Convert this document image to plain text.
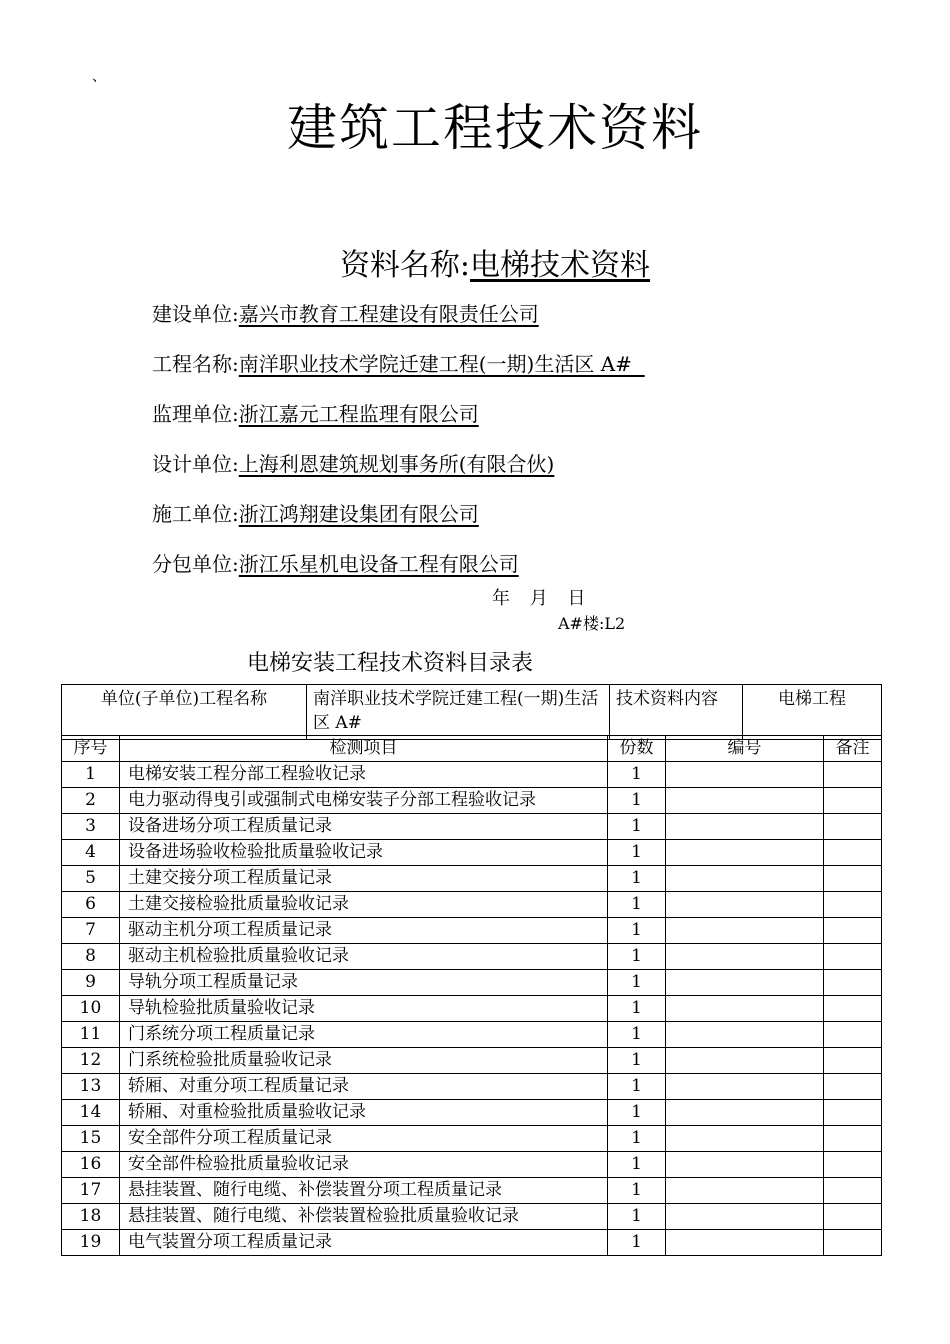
、
建筑工程技术资料
资料名称:电梯技术资料
建设单位:嘉兴市教育工程建设有限责任公司
工程名称:南洋职业技术学院迁建工程(一期)生活区 A#
监理单位:浙江嘉元工程监理有限公司
设计单位:上海利恩建筑规划事务所(有限合伙)
施工单位:浙江鸿翔建设集团有限公司
分包单位:浙江乐星机电设备工程有限公司
年 月 日
A#楼:L2
电梯安装工程技术资料目录表
单位(子单位)工程名称	南洋职业技术学院迁建工程(一期)生活区 A#	技术资料内容	电梯工程
序号	检测项目	份数	编号	备注
1	电梯安装工程分部工程验收记录	1		
2	电力驱动得曳引或强制式电梯安装子分部工程验收记录	1		
3	设备进场分项工程质量记录	1		
4	设备进场验收检验批质量验收记录	1		
5	土建交接分项工程质量记录	1		
6	土建交接检验批质量验收记录	1		
7	驱动主机分项工程质量记录	1		
8	驱动主机检验批质量验收记录	1		
9	导轨分项工程质量记录	1		
10	导轨检验批质量验收记录	1		
11	门系统分项工程质量记录	1		
12	门系统检验批质量验收记录	1		
13	轿厢、对重分项工程质量记录	1		
14	轿厢、对重检验批质量验收记录	1		
15	安全部件分项工程质量记录	1		
16	安全部件检验批质量验收记录	1		
17	悬挂装置、随行电缆、补偿装置分项工程质量记录	1		
18	悬挂装置、随行电缆、补偿装置检验批质量验收记录	1		
19	电气装置分项工程质量记录	1		
